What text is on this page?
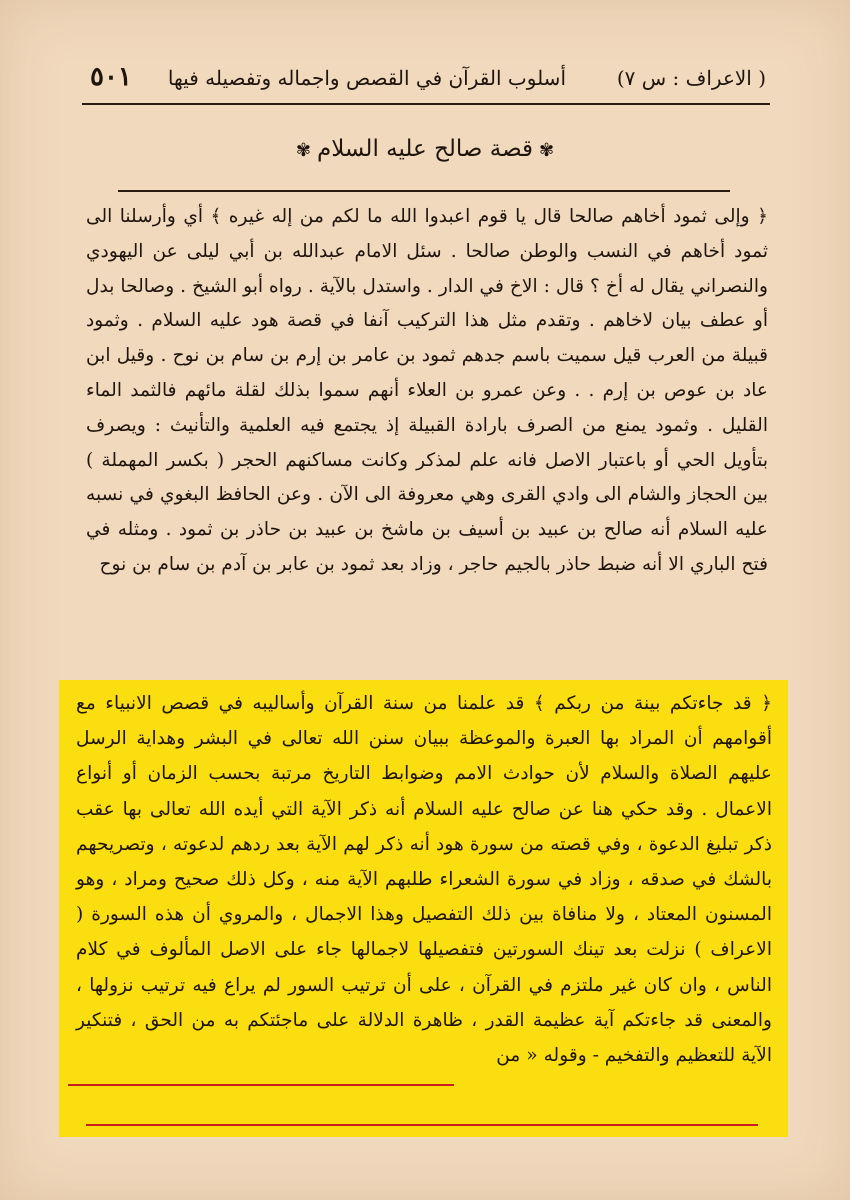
( الاعراف : س ٧)
أسلوب القرآن في القصص واجماله وتفصيله فيها
٥٠١
✾قصة صالح عليه السلام✾

﴿ وإلى ثمود أخاهم صالحا قال يا قوم اعبدوا الله ما لكم من إله غيره ﴾ أي وأرسلنا الى ثمود أخاهم في النسب والوطن صالحا . سئل الامام عبدالله بن أبي ليلى عن اليهودي والنصراني يقال له أخ ؟ قال : الاخ في الدار . واستدل بالآية . رواه أبو الشيخ . وصالحا بدل أو عطف بيان لاخاهم . وتقدم مثل هذا التركيب آنفا في قصة هود عليه السلام . وثمود قبيلة من العرب قيل سميت باسم جدهم ثمود بن عامر بن إرم بن سام بن نوح . وقيل ابن عاد بن عوص بن إرم . . وعن عمرو بن العلاء أنهم سموا بذلك لقلة مائهم فالثمد الماء القليل . وثمود يمنع من الصرف بارادة القبيلة إذ يجتمع فيه العلمية والتأنيث : ويصرف بتأويل الحي أو باعتبار الاصل فانه علم لمذكر وكانت مساكنهم الحجر ( بكسر المهملة ) بين الحجاز والشام الى وادي القرى وهي معروفة الى الآن . وعن الحافظ البغوي في نسبه عليه السلام أنه صالح بن عبيد بن أسيف بن ماشخ بن عبيد بن حاذر بن ثمود . ومثله في فتح الباري الا أنه ضبط حاذر بالجيم حاجر ، وزاد بعد ثمود بن عابر بن آدم بن سام بن نوح

﴿ قد جاءتكم بينة من ربكم ﴾ قد علمنا من سنة القرآن وأساليبه في قصص الانبياء مع أقوامهم أن المراد بها العبرة والموعظة ببيان سنن الله تعالى في البشر وهداية الرسل عليهم الصلاة والسلام لأن حوادث الامم وضوابط التاريخ مرتبة بحسب الزمان أو أنواع الاعمال . وقد حكي هنا عن صالح عليه السلام أنه ذكر الآية التي أيده الله تعالى بها عقب ذكر تبليغ الدعوة ، وفي قصته من سورة هود أنه ذكر لهم الآية بعد ردهم لدعوته ، وتصريحهم بالشك في صدقه ، وزاد في سورة الشعراء طلبهم الآية منه ، وكل ذلك صحيح ومراد ، وهو المسنون المعتاد ، ولا منافاة بين ذلك التفصيل وهذا الاجمال ، والمروي أن هذه السورة ( الاعراف ) نزلت بعد تينك السورتين فتفصيلها لاجمالها جاء على الاصل المألوف في كلام الناس ، وان كان غير ملتزم في القرآن ، على أن ترتيب السور لم يراع فيه ترتيب نزولها ، والمعنى قد جاءتكم آية عظيمة القدر ، ظاهرة الدلالة على ماجئتكم به من الحق ، فتنكير الآية للتعظيم والتفخيم - وقوله « من
